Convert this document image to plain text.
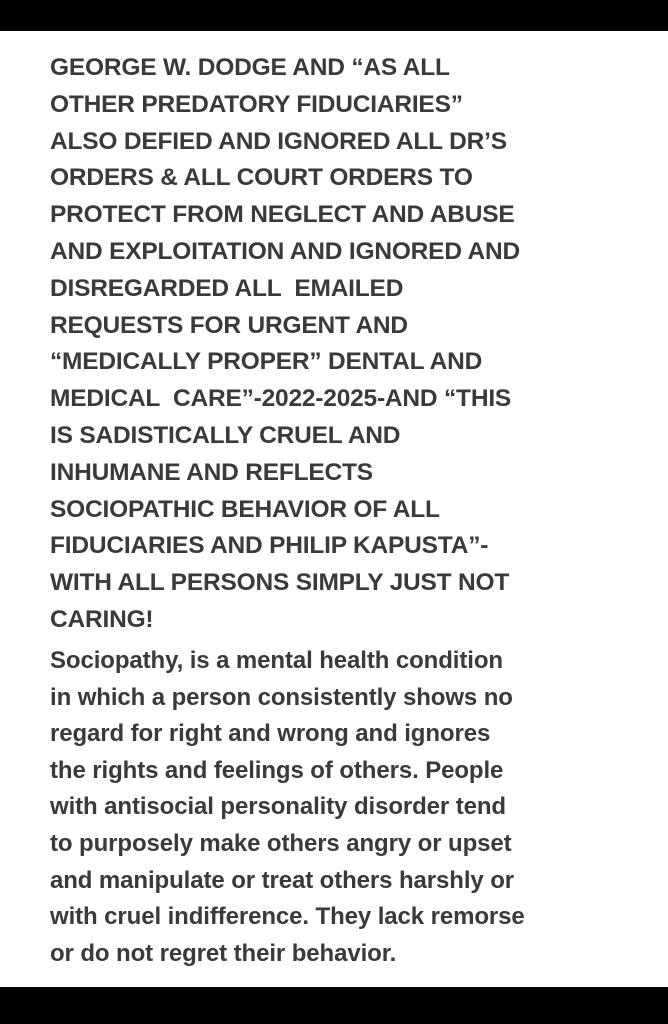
GEORGE W. DODGE AND “AS ALL
OTHER PREDATORY FIDUCIARIES”
ALSO DEFIED AND IGNORED ALL DR’S
ORDERS & ALL COURT ORDERS TO
PROTECT FROM NEGLECT AND ABUSE
AND EXPLOITATION AND IGNORED AND
DISREGARDED ALL  EMAILED
REQUESTS FOR URGENT AND
“MEDICALLY PROPER” DENTAL AND
MEDICAL  CARE”-2022-2025-AND “THIS
IS SADISTICALLY CRUEL AND
INHUMANE AND REFLECTS
SOCIOPATHIC BEHAVIOR OF ALL
FIDUCIARIES AND PHILIP KAPUSTA”-
WITH ALL PERSONS SIMPLY JUST NOT
CARING!

Sociopathy, is a mental health condition
in which a person consistently shows no
regard for right and wrong and ignores
the rights and feelings of others. People
with antisocial personality disorder tend
to purposely make others angry or upset
and manipulate or treat others harshly or
with cruel indifference. They lack remorse
or do not regret their behavior.
